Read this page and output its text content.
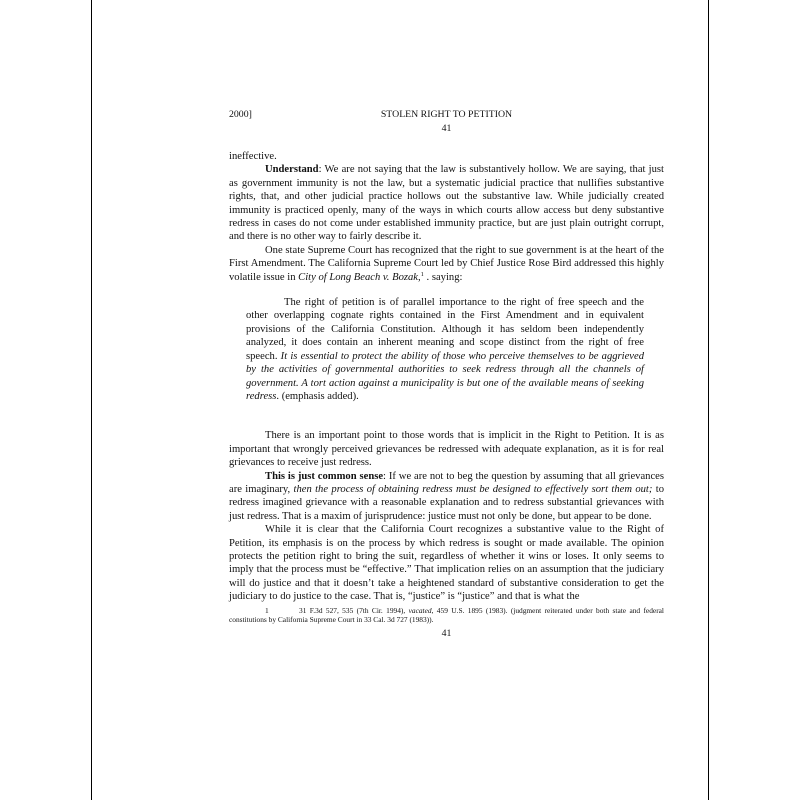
2000]	STOLEN RIGHT TO PETITION
41

ineffective.

Understand: We are not saying that the law is substantively hollow. We are saying, that just as government immunity is not the law, but a systematic judicial practice that nullifies substantive rights, that, and other judicial practice hollows out the substantive law. While judicially created immunity is practiced openly, many of the ways in which courts allow access but deny substantive redress in cases do not come under established immunity practice, but are just plain outright corrupt, and there is no other way to fairly describe it.

One state Supreme Court has recognized that the right to sue government is at the heart of the First Amendment. The California Supreme Court led by Chief Justice Rose Bird addressed this highly volatile issue in City of Long Beach v. Bozak,$^1$ . saying:

The right of petition is of parallel importance to the right of free speech and the other overlapping cognate rights contained in the First Amendment and in equivalent provisions of the California Constitution. Although it has seldom been independently analyzed, it does contain an inherent meaning and scope distinct from the right of free speech. It is essential to protect the ability of those who perceive themselves to be aggrieved by the activities of governmental authorities to seek redress through all the channels of government. A tort action against a municipality is but one of the available means of seeking redress. (emphasis added).

There is an important point to those words that is implicit in the Right to Petition. It is as important that wrongly perceived grievances be redressed with adequate explanation, as it is for real grievances to receive just redress.

This is just common sense: If we are not to beg the question by assuming that all grievances are imaginary, then the process of obtaining redress must be designed to effectively sort them out; to redress imagined grievance with a reasonable explanation and to redress substantial grievances with just redress. That is a maxim of jurisprudence: justice must not only be done, but appear to be done.

While it is clear that the California Court recognizes a substantive value to the Right of Petition, its emphasis is on the process by which redress is sought or made available. The opinion protects the petition right to bring the suit, regardless of whether it wins or loses. It only seems to imply that the process must be “effective.” That implication relies on an assumption that the judiciary will do justice and that it doesn’t take a heightened standard of substantive consideration to get the judiciary to do justice to the case. That is, “justice” is “justice” and that is what the

1	31 F.3d 527, 535 (7th Cir. 1994), vacated, 459 U.S. 1895 (1983). (judgment reiterated under both state and federal constitutions by California Supreme Court in 33 Cal. 3d 727 (1983)).
41
